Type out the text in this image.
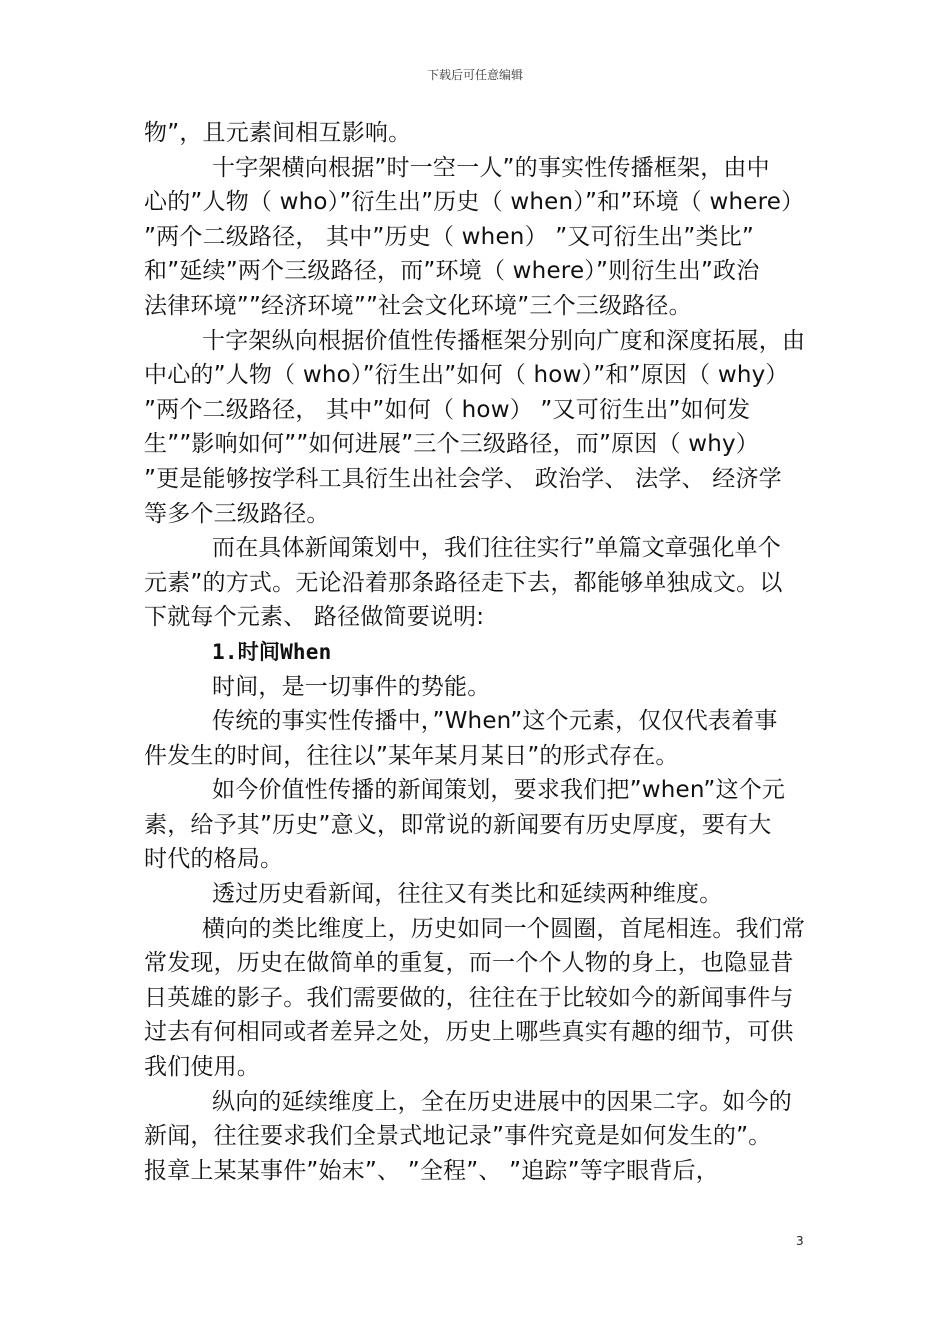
下载后可任意编辑
物”，且元素间相互影响。
十字架横向根据”时一空一人”的事实性传播框架，由中
心的”人物（ who）”衍生出”历史（ when）”和”环境（ where）
”两个二级路径， 其中”历史（ when） ”又可衍生出”类比”
和”延续”两个三级路径，而”环境（ where）”则衍生出”政治
法律环境””经济环境””社会文化环境”三个三级路径。
十字架纵向根据价值性传播框架分别向广度和深度拓展，由
中心的”人物（ who）”衍生出”如何（ how）”和”原因（ why）
”两个二级路径， 其中”如何（ how） ”又可衍生出”如何发
生””影响如何””如何进展”三个三级路径，而”原因（ why）
”更是能够按学科工具衍生出社会学、 政治学、 法学、 经济学
等多个三级路径。
而在具体新闻策划中，我们往往实行”单篇文章强化单个
元素”的方式。无论沿着那条路径走下去，都能够单独成文。以
下就每个元素、 路径做简要说明:
1.时间When
时间，是一切事件的势能。
传统的事实性传播中，”When”这个元素，仅仅代表着事
件发生的时间，往往以”某年某月某日”的形式存在。
如今价值性传播的新闻策划，要求我们把”when”这个元
素，给予其”历史”意义，即常说的新闻要有历史厚度，要有大
时代的格局。
透过历史看新闻，往往又有类比和延续两种维度。
横向的类比维度上，历史如同一个圆圈，首尾相连。我们常
常发现，历史在做简单的重复，而一个个人物的身上，也隐显昔
日英雄的影子。我们需要做的，往往在于比较如今的新闻事件与
过去有何相同或者差异之处，历史上哪些真实有趣的细节，可供
我们使用。
纵向的延续维度上，全在历史进展中的因果二字。如今的
新闻，往往要求我们全景式地记录”事件究竟是如何发生的”。
报章上某某事件”始末”、 ”全程”、 ”追踪”等字眼背后，
3
